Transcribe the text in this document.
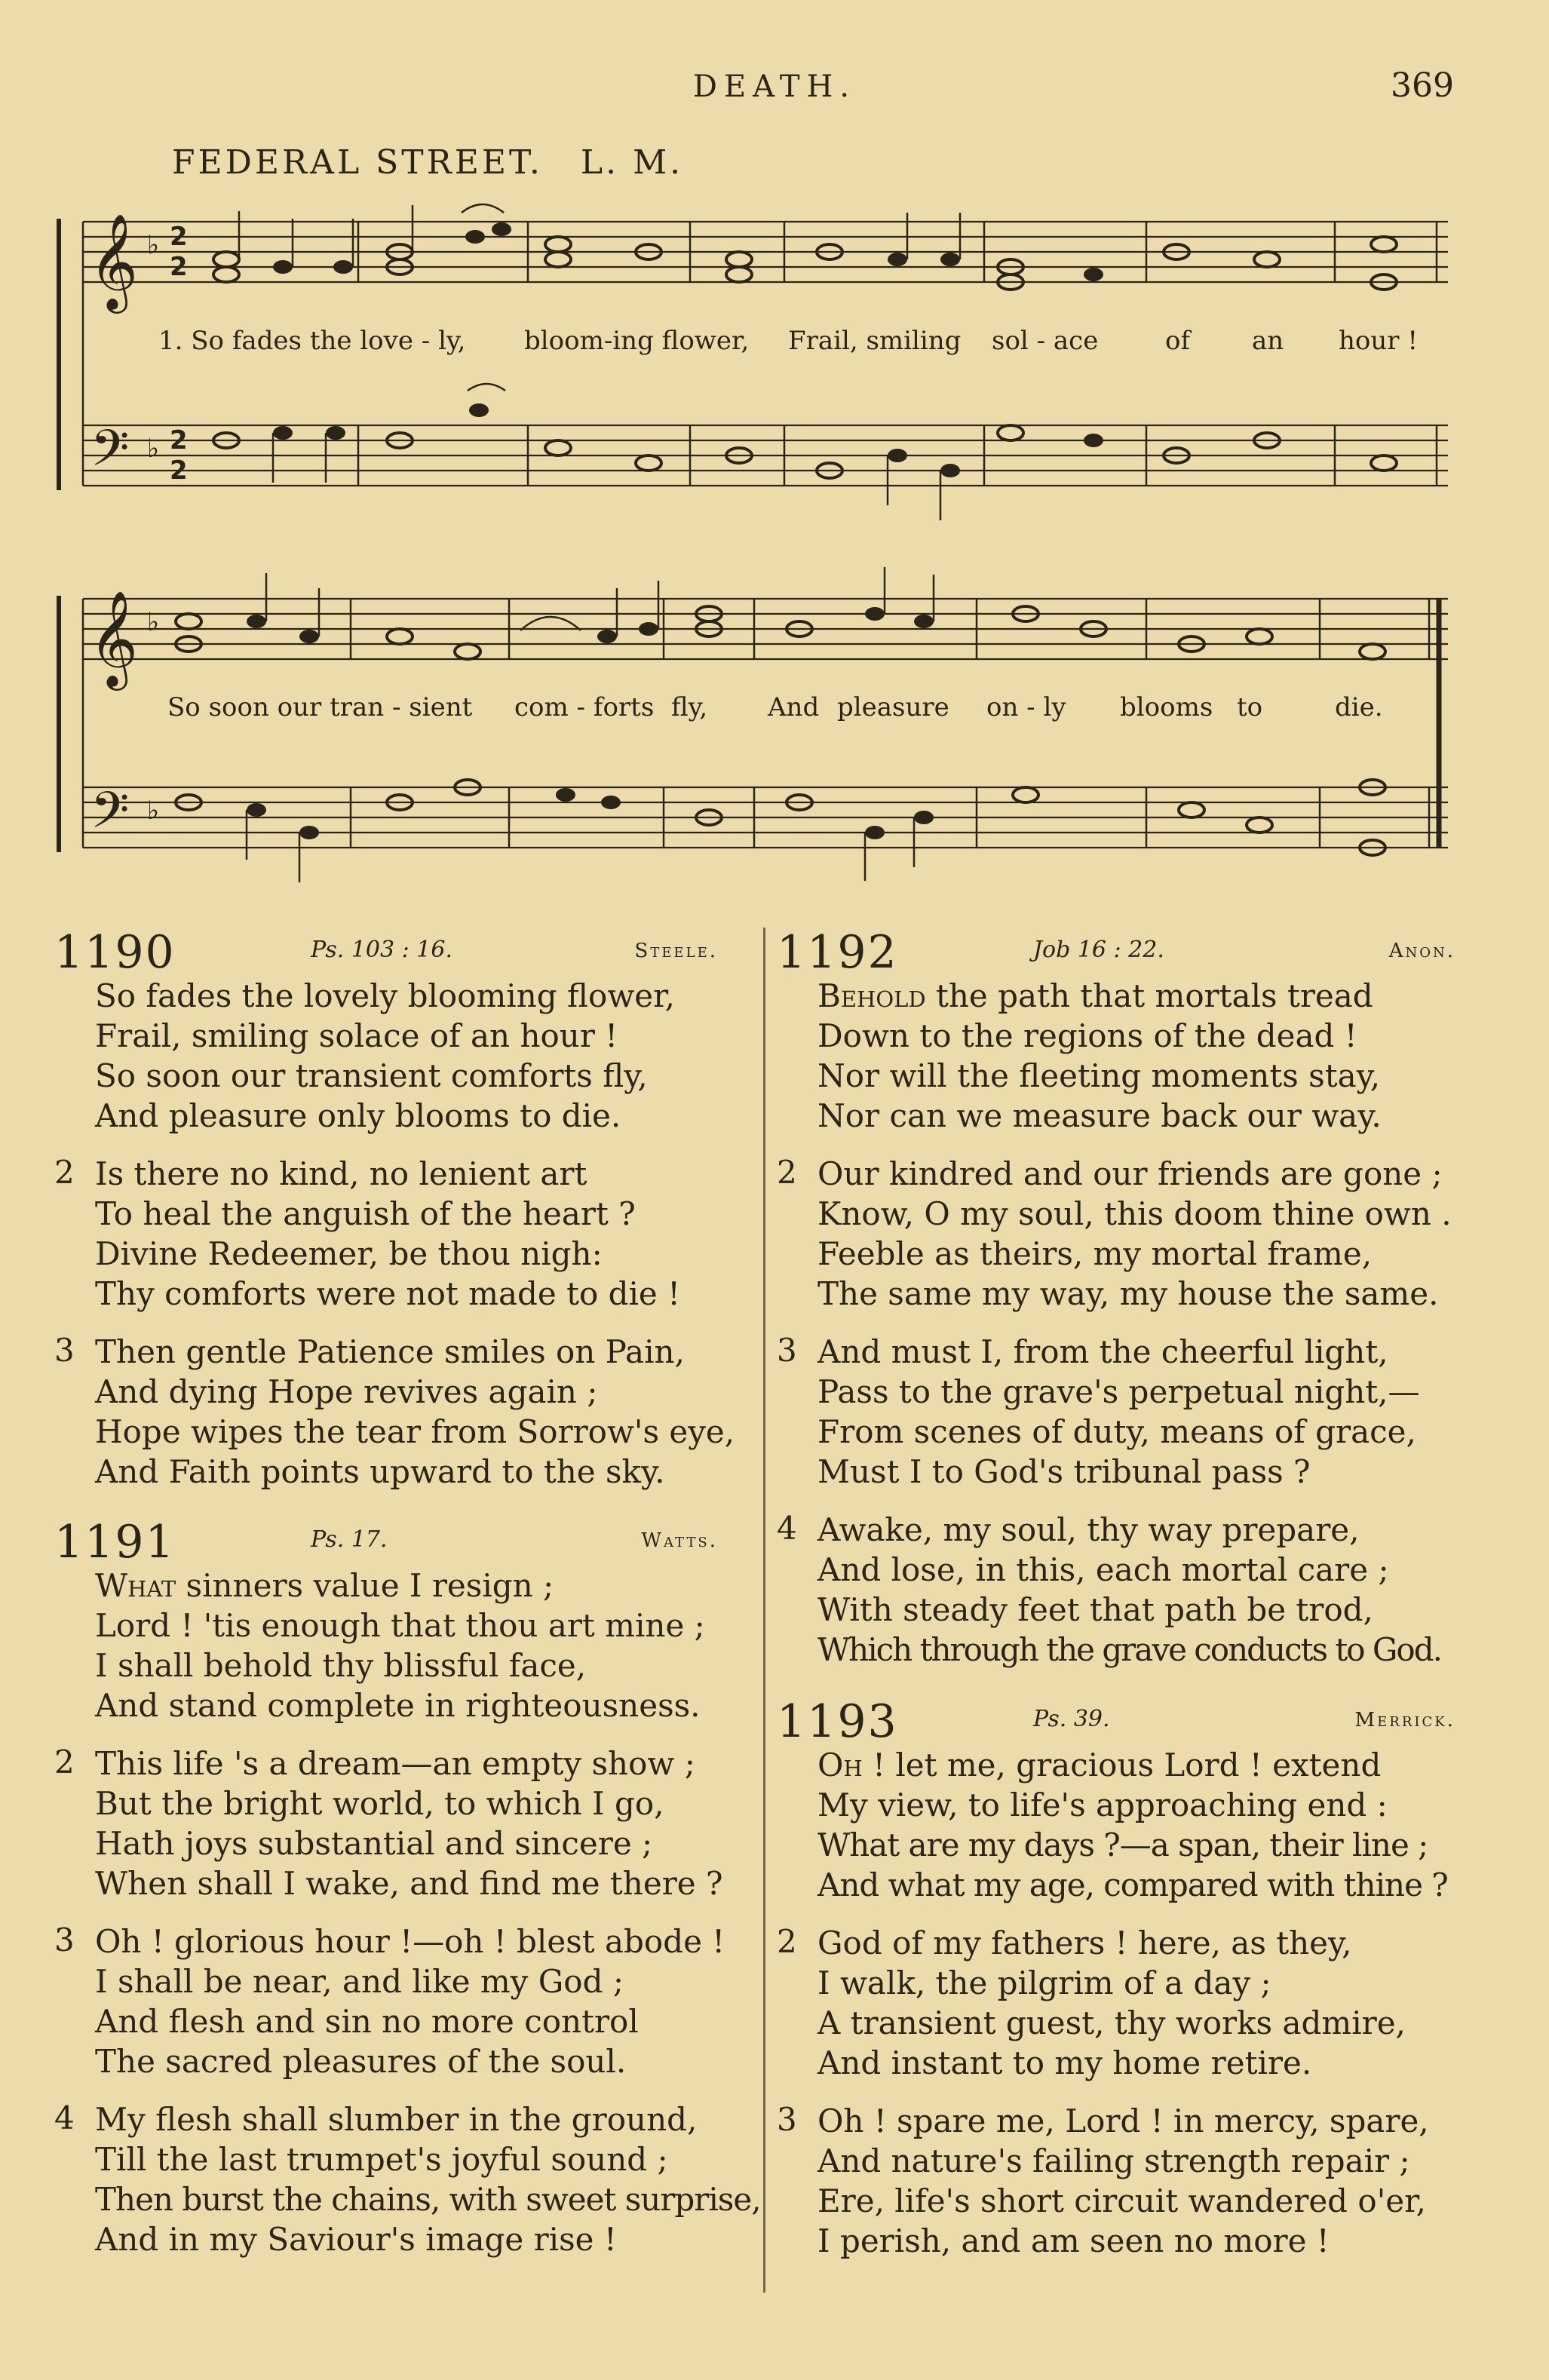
DEATH.	369
FEDERAL STREET. L. M.
𝄞
𝄢
𝄞
𝄢
♭
♭
♭
♭
2
2
2
2
1. So fades the love - ly, bloom-ing flower, Frail, smiling sol - ace	of an hour !
So soon our tran - sient com - forts fly, And pleasure on - ly blooms to	die.
1190	Ps. 103 : 16.	Steele.
So fades the lovely blooming flower,
Frail, smiling solace of an hour !
So soon our transient comforts fly,
And pleasure only blooms to die.
2 Is there no kind, no lenient art
To heal the anguish of the heart ?
Divine Redeemer, be thou nigh:
Thy comforts were not made to die !
3 Then gentle Patience smiles on Pain,
And dying Hope revives again ;
Hope wipes the tear from Sorrow's eye,
And Faith points upward to the sky.
1191	Ps. 17.	Watts.
What sinners value I resign ;
Lord ! 'tis enough that thou art mine ;
I shall behold thy blissful face,
And stand complete in righteousness.
2 This life 's a dream—an empty show ;
But the bright world, to which I go,
Hath joys substantial and sincere ;
When shall I wake, and find me there ?
3 Oh ! glorious hour !—oh ! blest abode !
I shall be near, and like my God ;
And flesh and sin no more control
The sacred pleasures of the soul.
4 My flesh shall slumber in the ground,
Till the last trumpet's joyful sound ;
Then burst the chains, with sweet surprise,
And in my Saviour's image rise !
1192	Job 16 : 22.	Anon.
Behold the path that mortals tread
Down to the regions of the dead !
Nor will the fleeting moments stay,
Nor can we measure back our way.
2 Our kindred and our friends are gone ;
Know, O my soul, this doom thine own .
Feeble as theirs, my mortal frame,
The same my way, my house the same.
3 And must I, from the cheerful light,
Pass to the grave's perpetual night,—
From scenes of duty, means of grace,
Must I to God's tribunal pass ?
4 Awake, my soul, thy way prepare,
And lose, in this, each mortal care ;
With steady feet that path be trod,
Which through the grave conducts to God.
1193	Ps. 39.	Merrick.
Oh ! let me, gracious Lord ! extend
My view, to life's approaching end :
What are my days ?—a span, their line ;
And what my age, compared with thine ?
2 God of my fathers ! here, as they,
I walk, the pilgrim of a day ;
A transient guest, thy works admire,
And instant to my home retire.
3 Oh ! spare me, Lord ! in mercy, spare,
And nature's failing strength repair ;
Ere, life's short circuit wandered o'er,
I perish, and am seen no more !
